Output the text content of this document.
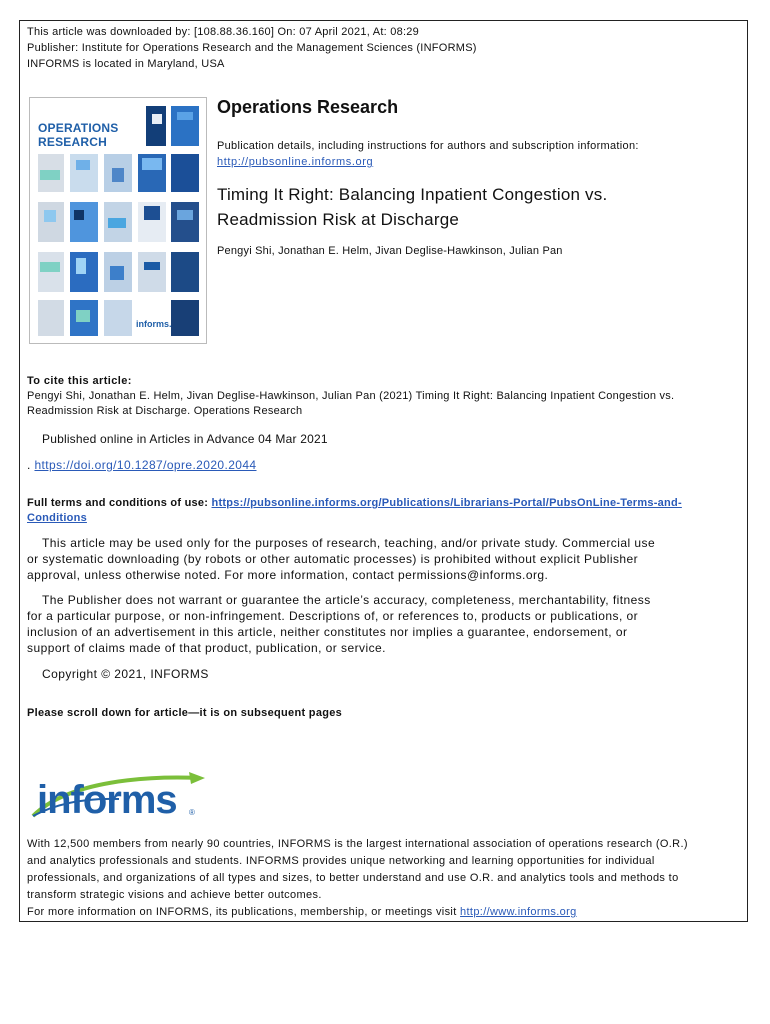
This article was downloaded by: [108.88.36.160] On: 07 April 2021, At: 08:29
Publisher: Institute for Operations Research and the Management Sciences (INFORMS)
INFORMS is located in Maryland, USA
OPERATIONS
RESEARCH
informs.
Operations Research
Publication details, including instructions for authors and subscription information:
http://pubsonline.informs.org
Timing It Right: Balancing Inpatient Congestion vs.
Readmission Risk at Discharge
Pengyi Shi, Jonathan E. Helm, Jivan Deglise-Hawkinson, Julian Pan
To cite this article:
Pengyi Shi, Jonathan E. Helm, Jivan Deglise-Hawkinson, Julian Pan (2021) Timing It Right: Balancing Inpatient Congestion vs.
Readmission Risk at Discharge. Operations Research
Published online in Articles in Advance 04 Mar 2021
. https://doi.org/10.1287/opre.2020.2044
Full terms and conditions of use: https://pubsonline.informs.org/Publications/Librarians-Portal/PubsOnLine-Terms-and-
Conditions
This article may be used only for the purposes of research, teaching, and/or private study. Commercial use
or systematic downloading (by robots or other automatic processes) is prohibited without explicit Publisher
approval, unless otherwise noted. For more information, contact permissions@informs.org.
The Publisher does not warrant or guarantee the article’s accuracy, completeness, merchantability, fitness
for a particular purpose, or non-infringement. Descriptions of, or references to, products or publications, or
inclusion of an advertisement in this article, neither constitutes nor implies a guarantee, endorsement, or
support of claims made of that product, publication, or service.
Copyright © 2021, INFORMS
Please scroll down for article—it is on subsequent pages
informs ®
With 12,500 members from nearly 90 countries, INFORMS is the largest international association of operations research (O.R.)
and analytics professionals and students. INFORMS provides unique networking and learning opportunities for individual
professionals, and organizations of all types and sizes, to better understand and use O.R. and analytics tools and methods to
transform strategic visions and achieve better outcomes.
For more information on INFORMS, its publications, membership, or meetings visit http://www.informs.org
